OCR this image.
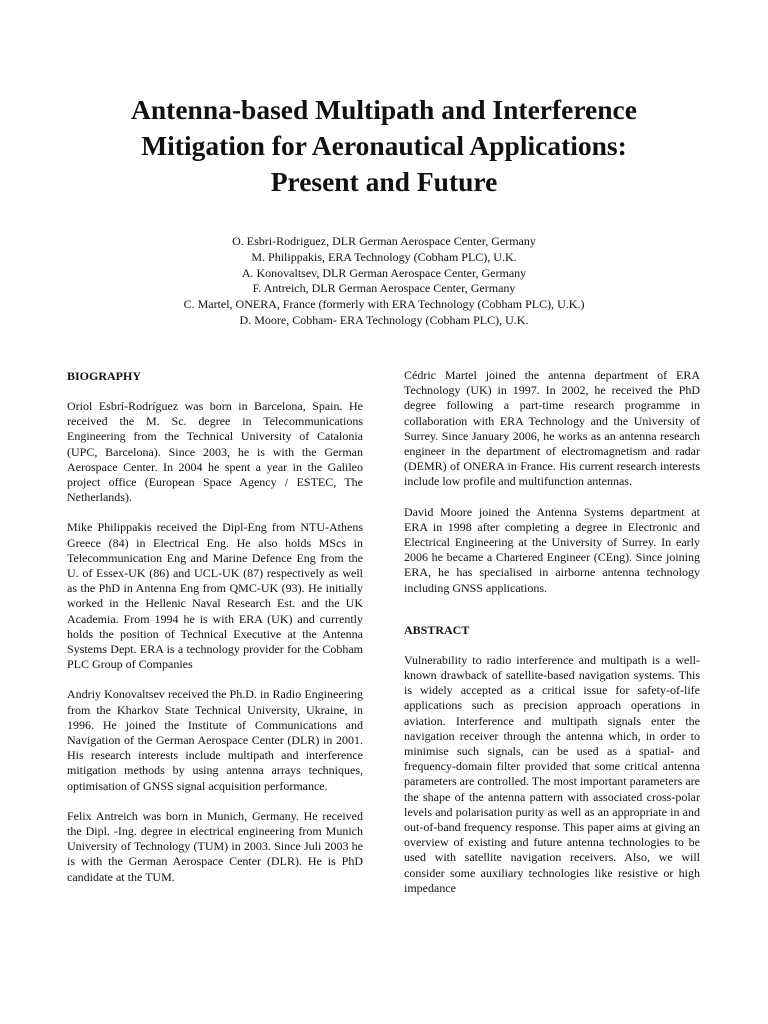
Antenna-based Multipath and Interference
Mitigation for Aeronautical Applications:
Present and Future
O. Esbri-Rodriguez, DLR German Aerospace Center, Germany
M. Philippakis, ERA Technology (Cobham PLC), U.K.
A. Konovaltsev, DLR German Aerospace Center, Germany
F. Antreich, DLR German Aerospace Center, Germany
C. Martel, ONERA, France (formerly with ERA Technology (Cobham PLC), U.K.)
D. Moore, Cobham- ERA Technology (Cobham PLC), U.K.

BIOGRAPHY

Oriol Esbrí-Rodríguez was born in Barcelona, Spain. He received the M. Sc. degree in Telecommunications Engineering from the Technical University of Catalonia (UPC, Barcelona). Since 2003, he is with the German Aerospace Center. In 2004 he spent a year in the Galileo project office (European Space Agency / ESTEC, The Netherlands).

Mike Philippakis received the Dipl-Eng from NTU-Athens Greece (84) in Electrical Eng. He also holds MScs in Telecommunication Eng and Marine Defence Eng from the U. of Essex-UK (86) and UCL-UK (87) respectively as well as the PhD in Antenna Eng from QMC-UK (93). He initially worked in the Hellenic Naval Research Est. and the UK Academia. From 1994 he is with ERA (UK) and currently holds the position of Technical Executive at the Antenna Systems Dept. ERA is a technology provider for the Cobham PLC Group of Companies

Andriy Konovaltsev received the Ph.D. in Radio Engineering from the Kharkov State Technical University, Ukraine, in 1996. He joined the Institute of Communications and Navigation of the German Aerospace Center (DLR) in 2001. His research interests include multipath and interference mitigation methods by using antenna arrays techniques, optimisation of GNSS signal acquisition performance.

Felix Antreich was born in Munich, Germany. He received the Dipl. -Ing. degree in electrical engineering from Munich University of Technology (TUM) in 2003. Since Juli 2003 he is with the German Aerospace Center (DLR). He is PhD candidate at the TUM.

Cédric Martel joined the antenna department of ERA Technology (UK) in 1997. In 2002, he received the PhD degree following a part-time research programme in collaboration with ERA Technology and the University of Surrey. Since January 2006, he works as an antenna research engineer in the department of electromagnetism and radar (DEMR) of ONERA in France. His current research interests include low profile and multifunction antennas.

David Moore joined the Antenna Systems department at ERA in 1998 after completing a degree in Electronic and Electrical Engineering at the University of Surrey. In early 2006 he became a Chartered Engineer (CEng). Since joining ERA, he has specialised in airborne antenna technology including GNSS applications.

ABSTRACT

Vulnerability to radio interference and multipath is a well-known drawback of satellite-based navigation systems. This is widely accepted as a critical issue for safety-of-life applications such as precision approach operations in aviation. Interference and multipath signals enter the navigation receiver through the antenna which, in order to minimise such signals, can be used as a spatial- and frequency-domain filter provided that some critical antenna parameters are controlled. The most important parameters are the shape of the antenna pattern with associated cross-polar levels and polarisation purity as well as an appropriate in and out-of-band frequency response. This paper aims at giving an overview of existing and future antenna technologies to be used with satellite navigation receivers. Also, we will consider some auxiliary technologies like resistive or high impedance
